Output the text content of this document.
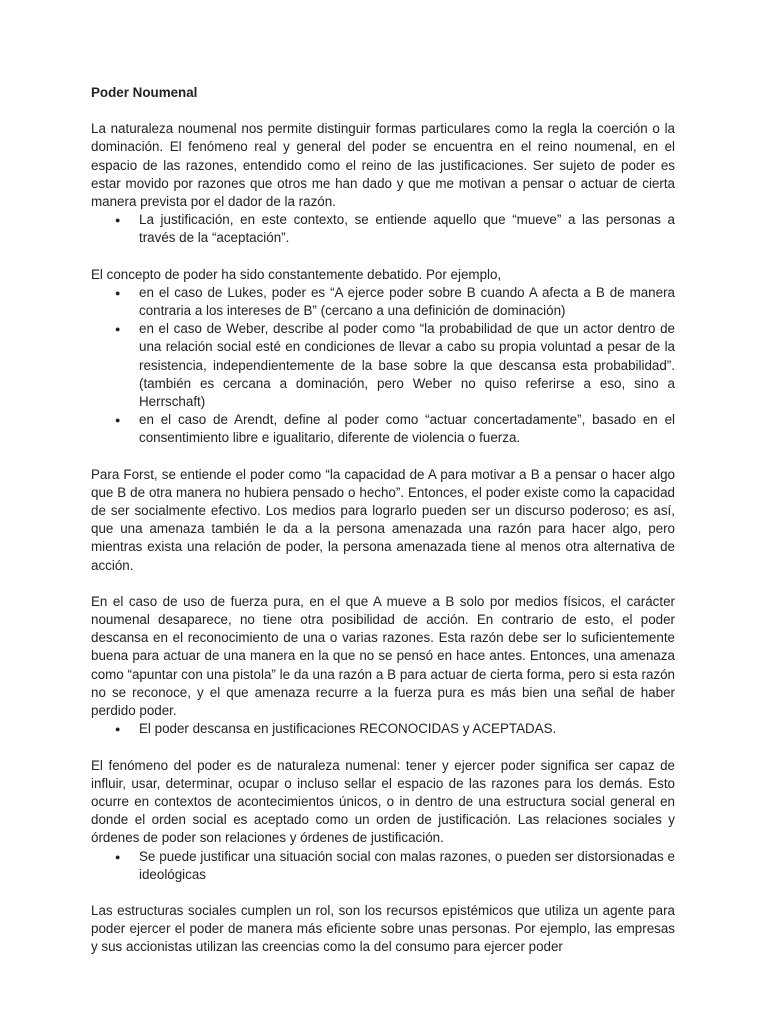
Poder Noumenal

La naturaleza noumenal nos permite distinguir formas particulares como la regla la coerción o la dominación. El fenómeno real y general del poder se encuentra en el reino noumenal, en el espacio de las razones, entendido como el reino de las justificaciones. Ser sujeto de poder es estar movido por razones que otros me han dado y que me motivan a pensar o actuar de cierta manera prevista por el dador de la razón.

● La justificación, en este contexto, se entiende aquello que “mueve” a las personas a través de la “aceptación”.

El concepto de poder ha sido constantemente debatido. Por ejemplo,

● en el caso de Lukes, poder es “A ejerce poder sobre B cuando A afecta a B de manera contraria a los intereses de B” (cercano a una definición de dominación)
● en el caso de Weber, describe al poder como “la probabilidad de que un actor dentro de una relación social esté en condiciones de llevar a cabo su propia voluntad a pesar de la resistencia, independientemente de la base sobre la que descansa esta probabilidad”. (también es cercana a dominación, pero Weber no quiso referirse a eso, sino a Herrschaft)
● en el caso de Arendt, define al poder como “actuar concertadamente”, basado en el consentimiento libre e igualitario, diferente de violencia o fuerza.

Para Forst, se entiende el poder como “la capacidad de A para motivar a B a pensar o hacer algo que B de otra manera no hubiera pensado o hecho”. Entonces, el poder existe como la capacidad de ser socialmente efectivo. Los medios para lograrlo pueden ser un discurso poderoso; es así, que una amenaza también le da a la persona amenazada una razón para hacer algo, pero mientras exista una relación de poder, la persona amenazada tiene al menos otra alternativa de acción.

En el caso de uso de fuerza pura, en el que A mueve a B solo por medios físicos, el carácter noumenal desaparece, no tiene otra posibilidad de acción. En contrario de esto, el poder descansa en el reconocimiento de una o varias razones. Esta razón debe ser lo suficientemente buena para actuar de una manera en la que no se pensó en hace antes. Entonces, una amenaza como “apuntar con una pistola” le da una razón a B para actuar de cierta forma, pero si esta razón no se reconoce, y el que amenaza recurre a la fuerza pura es más bien una señal de haber perdido poder.

● El poder descansa en justificaciones RECONOCIDAS y ACEPTADAS.

El fenómeno del poder es de naturaleza numenal: tener y ejercer poder significa ser capaz de influir, usar, determinar, ocupar o incluso sellar el espacio de las razones para los demás. Esto ocurre en contextos de acontecimientos únicos, o in dentro de una estructura social general en donde el orden social es aceptado como un orden de justificación. Las relaciones sociales y órdenes de poder son relaciones y órdenes de justificación.

● Se puede justificar una situación social con malas razones, o pueden ser distorsionadas e ideológicas

Las estructuras sociales cumplen un rol, son los recursos epistémicos que utiliza un agente para poder ejercer el poder de manera más eficiente sobre unas personas. Por ejemplo, las empresas y sus accionistas utilizan las creencias como la del consumo para ejercer poder
